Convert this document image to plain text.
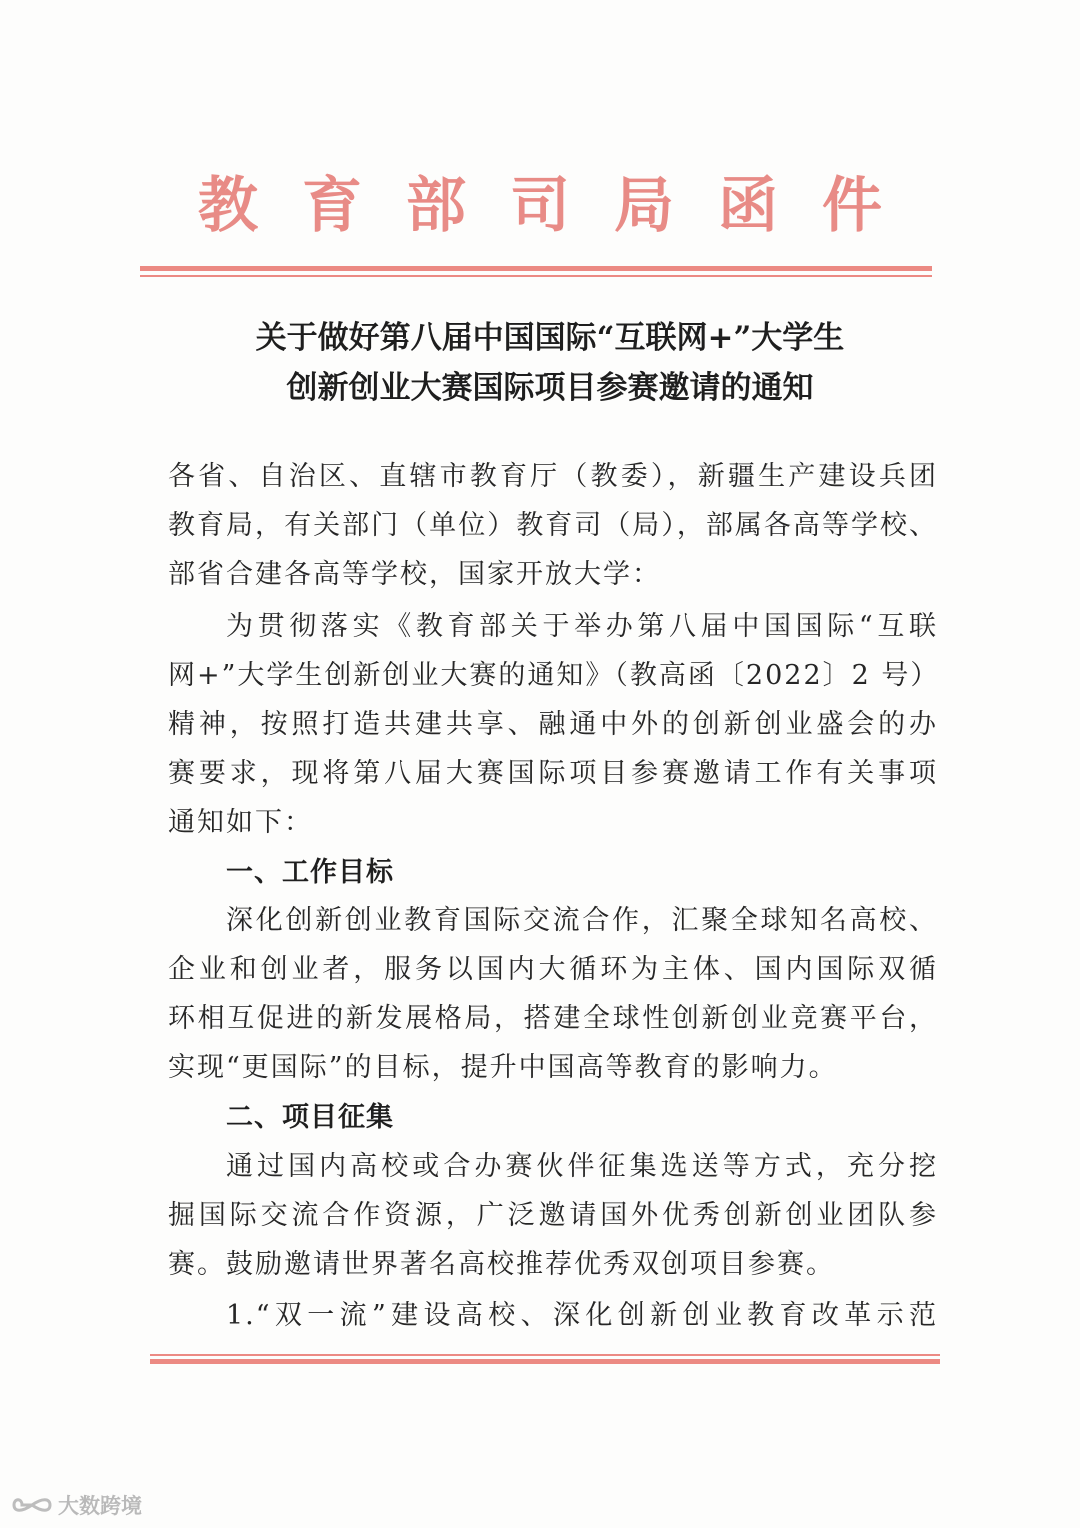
教育部司局函件
关于做好第八届中国国际“互联网+”大学生
创新创业大赛国际项目参赛邀请的通知
各省、自治区、直辖市教育厅（教委），新疆生产建设兵团
教育局，有关部门（单位）教育司（局），部属各高等学校、
部省合建各高等学校，国家开放大学：
为贯彻落实《教育部关于举办第八届中国国际“互联
网+”大学生创新创业大赛的通知》（教高函〔2022〕2 号）
精神，按照打造共建共享、融通中外的创新创业盛会的办
赛要求，现将第八届大赛国际项目参赛邀请工作有关事项
通知如下：
一、工作目标
深化创新创业教育国际交流合作，汇聚全球知名高校、
企业和创业者，服务以国内大循环为主体、国内国际双循
环相互促进的新发展格局，搭建全球性创新创业竞赛平台，
实现“更国际”的目标，提升中国高等教育的影响力。
二、项目征集
通过国内高校或合办赛伙伴征集选送等方式，充分挖
掘国际交流合作资源，广泛邀请国外优秀创新创业团队参
赛。鼓励邀请世界著名高校推荐优秀双创项目参赛。
1.“双一流”建设高校、深化创新创业教育改革示范
大数跨境
